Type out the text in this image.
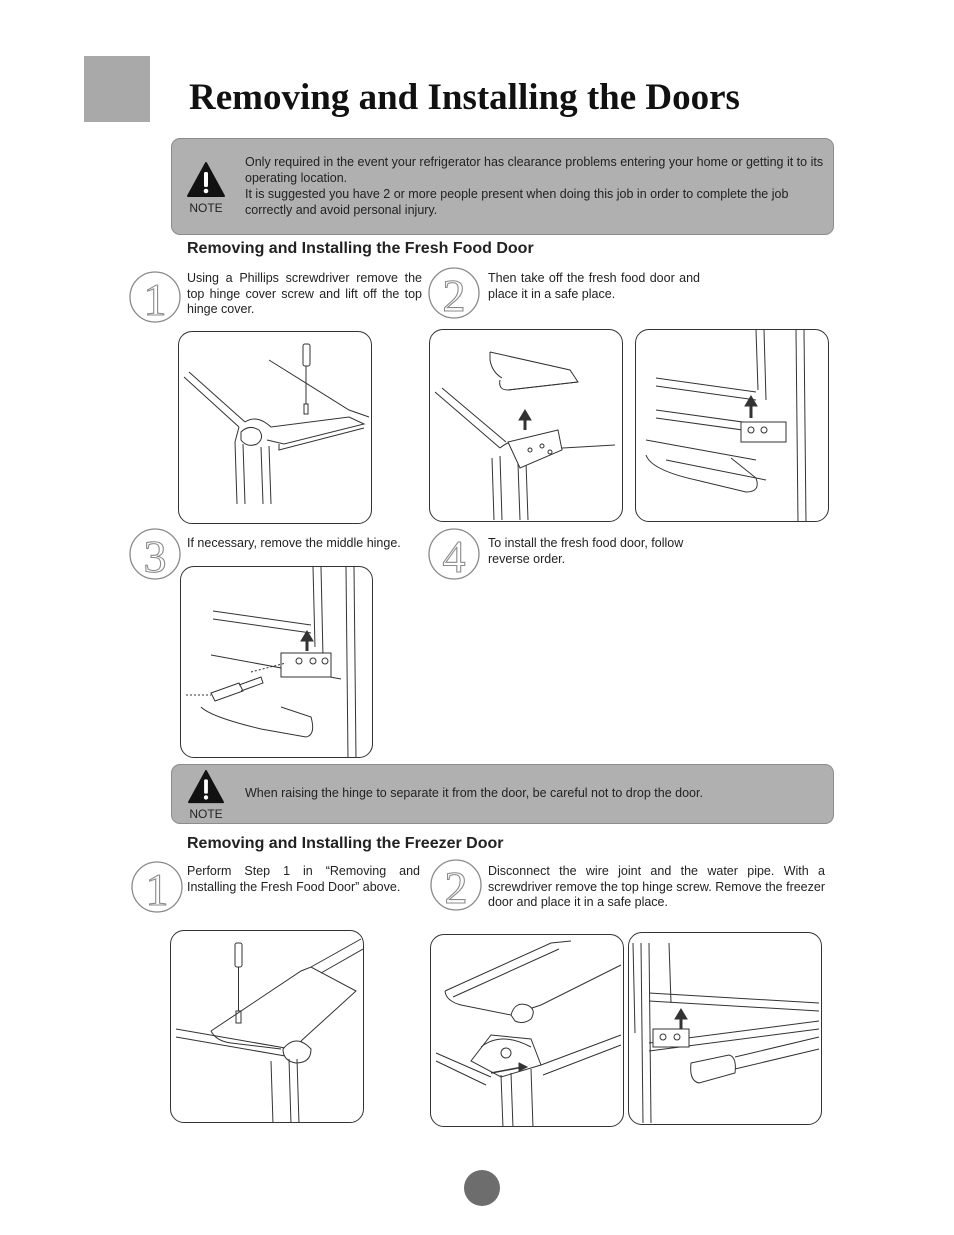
Removing and Installing the Doors
NOTE

Only required in the event your refrigerator has clearance problems entering your home or getting it to its operating location.

It is suggested you have 2 or more people present when doing this job in order to complete the job correctly and avoid personal injury.

Removing and Installing the Fresh Food Door
1 Using a Phillips screwdriver remove the top hinge cover screw and lift off the top hinge cover.	2 Then take off the fresh food door and place it in a safe place.

3 If necessary, remove the middle hinge. 4 To install the fresh food door, follow reverse order.

NOTE
When raising the hinge to separate it from the door, be careful not to drop the door.
Removing and Installing the Freezer Door
1 Perform Step 1 in “Removing and Installing the Fresh Food Door” above. 2 Disconnect the wire joint and the water pipe. With a screwdriver remove the top hinge screw. Remove the freezer door and place it in a safe place.
